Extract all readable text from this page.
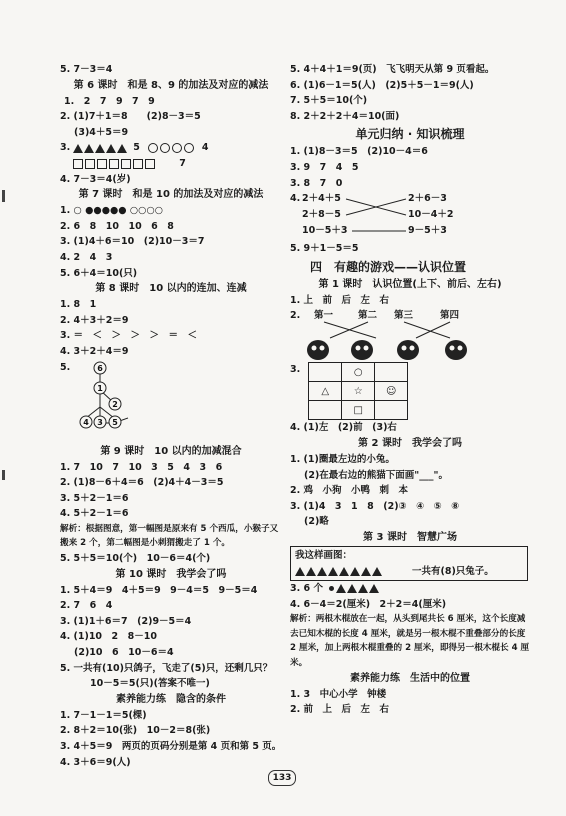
5. 7－3＝4
第 6 课时　和是 8、9 的加法及对应的减法
1.　2　7　9　7　9
2. (1)7＋1＝8　　(2)8－3＝5
(3)4＋5＝9
3.	5	4
7
4. 7－3＝4(岁)
第 7 课时　和是 10 的加法及对应的减法
1. ○ ●●●●● ○○○○
2. 6　8　10　10　6　8
3. (1)4＋6＝10　(2)10－3＝7
4. 2　4　3
5. 6＋4＝10(只)
第 8 课时　10 以内的连加、连减
1. 8　1
2. 4＋3＋2＝9
3. ＝　＜　＞　＞　＞　＝　＜
4. 3＋2＋4＝9
5.	6
1
2
4 3 5
第 9 课时　10 以内的加减混合
1. 7　10　7　10　3　5　4　3　6
2. (1)8－6＋4＝6　(2)4＋4－3＝5
3. 5＋2－1＝6
4. 5＋2－1＝6
解析：根据图意，第一幅图是原来有 5 个西瓜，小猴子又搬来 2 个，第二幅图是小刺猬搬走了 1 个。
5. 5＋5＝10(个)　10－6＝4(个)
第 10 课时　我学会了吗
1. 5＋4＝9　4＋5＝9　9－4＝5　9－5＝4
2. 7　6　4
3. (1)1＋6＝7　(2)9－5＝4
4. (1)10　2　8－10
(2)10　6　10－6＝4
5. 一共有(10)只鸽子，飞走了(5)只，还剩几只？
10－5＝5(只)(答案不唯一)
素养能力练　隐含的条件
1. 7－1－1＝5(棵)
2. 8＋2＝10(张)　10－2＝8(张)
3. 4＋5＝9　两页的页码分别是第 4 页和第 5 页。
4. 3＋6＝9(人)
5. 4＋4＋1＝9(页)　飞飞明天从第 9 页看起。
6. (1)6－1＝5(人)　(2)5＋5－1＝9(人)
7. 5＋5＝10(个)
8. 2＋2＋2＋4＝10(面)
单元归纳 · 知识梳理
1. (1)8－3＝5　(2)10－4＝6
3. 9　7　4　5
3. 8　7　0
4. 2＋4＋5
2＋8－5
10－5＋3
2＋6－3
10－4＋2
9－5＋3
5. 9＋1－5＝5
四　有趣的游戏——认识位置
第 1 课时　认识位置(上下、前后、左右)
1. 上　前　后　左　右
2. 第一	第二 第三	第四
3.
		○	
△	☆	☺
	□	
4. (1)左　(2)前　(3)右
第 2 课时　我学会了吗
1. (1)圈最左边的小兔。
(2)在最右边的熊猫下面画"___"。
2. 鸡　小狗　小鸭　刺　本
3. (1)4　3　1　8　(2)③　④　⑤　⑧
(2)略
第 3 课时　智慧广场
我这样画图：
一共有(8)只兔子。
3. 6 个
4. 6－4＝2(厘米)　2＋2＝4(厘米)
解析：两根木棍放在一起，从头到尾共长 6 厘米，这个长度减去已知木棍的长度 4 厘米，就是另一根木棍不重叠部分的长度 2 厘米，加上两根木棍重叠的 2 厘米，即得另一根木棍长 4 厘米。
素养能力练　生活中的位置
1. 3　中心小学　钟楼
2. 前　上　后　左　右
133
